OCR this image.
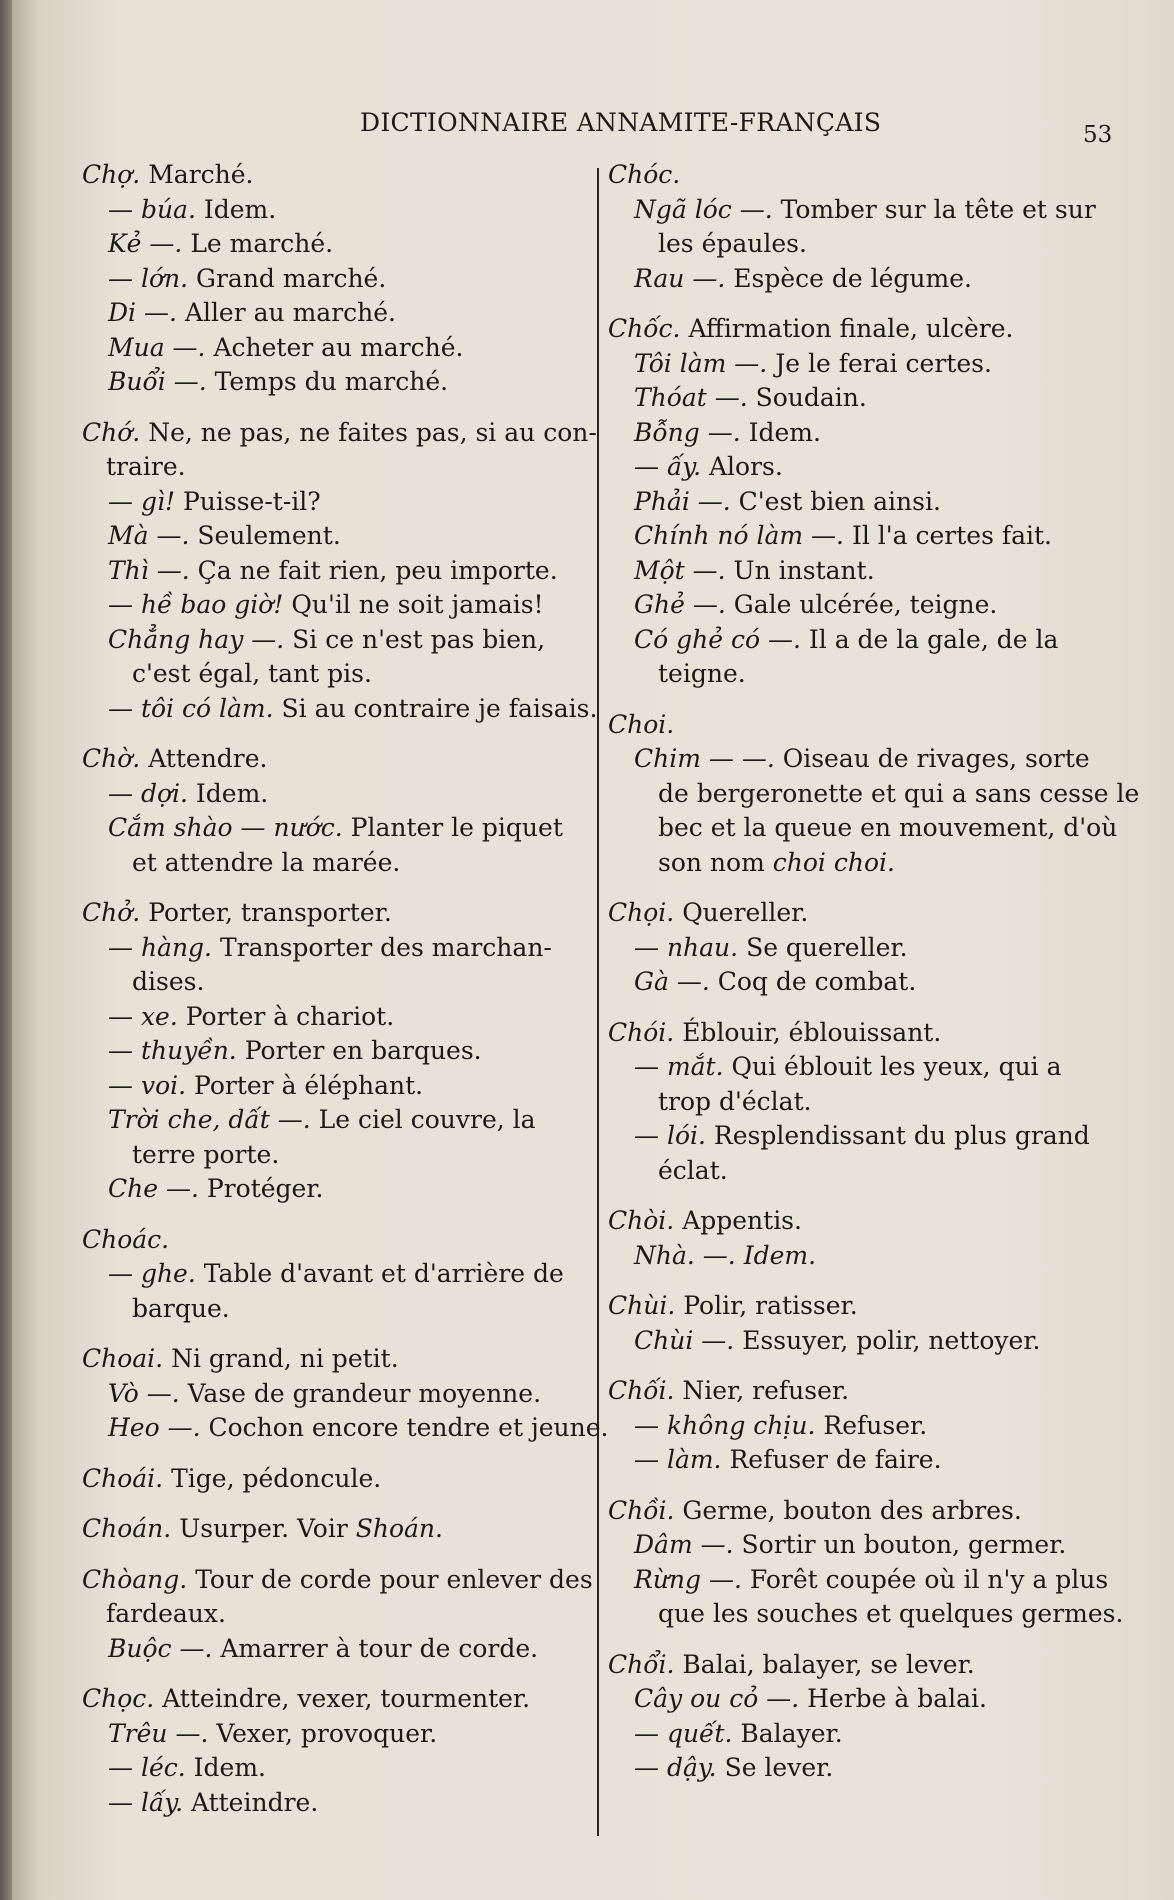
DICTIONNAIRE ANNAMITE-FRANÇAIS	53
Chợ. Marché.
— búa. Idem.
Kẻ —. Le marché.
— lớn. Grand marché.
Di —. Aller au marché.
Mua —. Acheter au marché.
Buổi —. Temps du marché.
Chớ. Ne, ne pas, ne faites pas, si au con-
traire.
— gì! Puisse-t-il?
Mà —. Seulement.
Thì —. Ça ne fait rien, peu importe.
— hề bao giờ! Qu'il ne soit jamais!
Chẳng hay —. Si ce n'est pas bien,
c'est égal, tant pis.
— tôi có làm. Si au contraire je faisais.
Chờ. Attendre.
— dợi. Idem.
Cắm shào — nước. Planter le piquet
et attendre la marée.
Chở. Porter, transporter.
— hàng. Transporter des marchan-
dises.
— xe. Porter à chariot.
— thuyền. Porter en barques.
— voi. Porter à éléphant.
Trời che, dất —. Le ciel couvre, la
terre porte.
Che —. Protéger.
Choác.
— ghe. Table d'avant et d'arrière de
barque.
Choai. Ni grand, ni petit.
Vò —. Vase de grandeur moyenne.
Heo —. Cochon encore tendre et jeune.
Choái. Tige, pédoncule.
Choán. Usurper. Voir Shoán.
Chòang. Tour de corde pour enlever des
fardeaux.
Buộc —. Amarrer à tour de corde.
Chọc. Atteindre, vexer, tourmenter.
Trêu —. Vexer, provoquer.
— léc. Idem.
— lấy. Atteindre.
Chóc.
Ngã lóc —. Tomber sur la tête et sur
les épaules.
Rau —. Espèce de légume.
Chốc. Affirmation finale, ulcère.
Tôi làm —. Je le ferai certes.
Thóat —. Soudain.
Bỗng —. Idem.
— ấy. Alors.
Phải —. C'est bien ainsi.
Chính nó làm —. Il l'a certes fait.
Một —. Un instant.
Ghẻ —. Gale ulcérée, teigne.
Có ghẻ có —. Il a de la gale, de la
teigne.
Choi.
Chim — —. Oiseau de rivages, sorte
de bergeronette et qui a sans cesse le
bec et la queue en mouvement, d'où
son nom choi choi.
Chọi. Quereller.
— nhau. Se quereller.
Gà —. Coq de combat.
Chói. Éblouir, éblouissant.
— mắt. Qui éblouit les yeux, qui a
trop d'éclat.
— lói. Resplendissant du plus grand
éclat.
Chòi. Appentis.
Nhà. —. Idem.
Chùi. Polir, ratisser.
Chùi —. Essuyer, polir, nettoyer.
Chối. Nier, refuser.
— không chịu. Refuser.
— làm. Refuser de faire.
Chồi. Germe, bouton des arbres.
Dâm —. Sortir un bouton, germer.
Rừng —. Forêt coupée où il n'y a plus
que les souches et quelques germes.
Chổi. Balai, balayer, se lever.
Cây ou cỏ —. Herbe à balai.
— quết. Balayer.
— dậy. Se lever.
